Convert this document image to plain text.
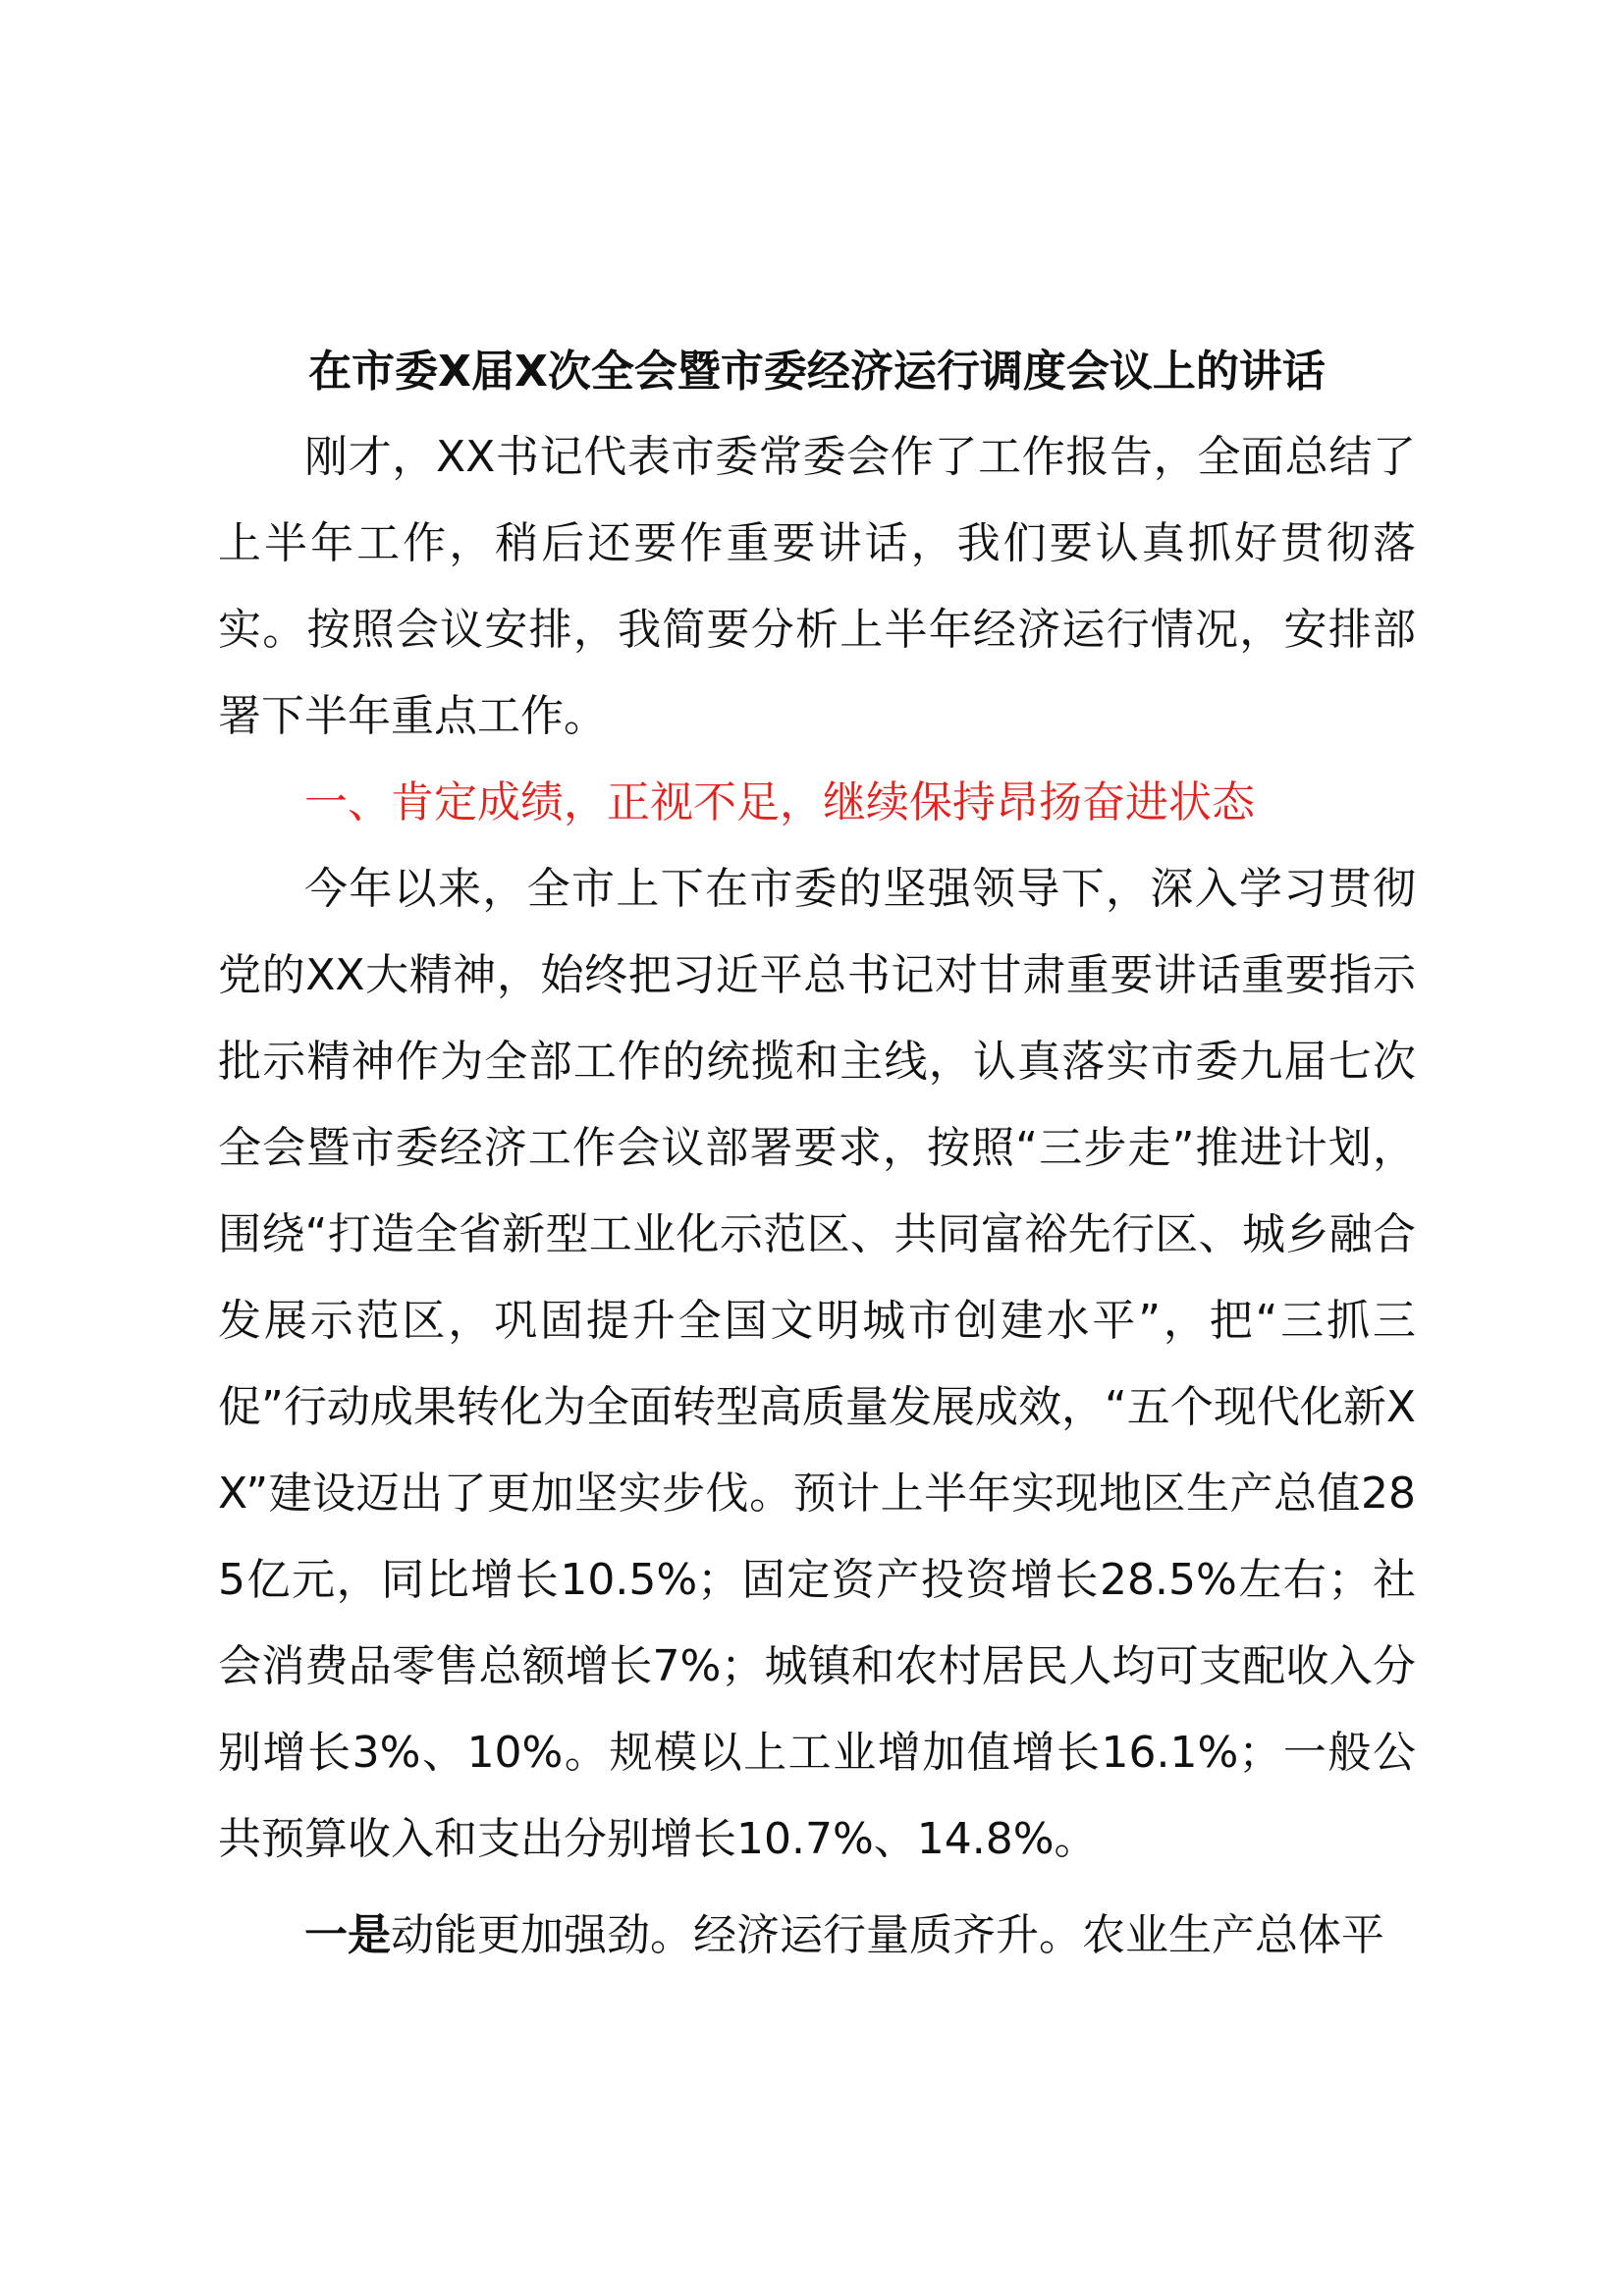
在市委X届X次全会暨市委经济运行调度会议上的讲话

刚才，XX书记代表市委常委会作了工作报告，全面总结了上半年工作，稍后还要作重要讲话，我们要认真抓好贯彻落实。按照会议安排，我简要分析上半年经济运行情况，安排部署下半年重点工作。

一、肯定成绩，正视不足，继续保持昂扬奋进状态

今年以来，全市上下在市委的坚强领导下，深入学习贯彻党的XX大精神，始终把习近平总书记对甘肃重要讲话重要指示批示精神作为全部工作的统揽和主线，认真落实市委九届七次全会暨市委经济工作会议部署要求，按照“三步走”推进计划，围绕“打造全省新型工业化示范区、共同富裕先行区、城乡融合发展示范区，巩固提升全国文明城市创建水平”，把“三抓三促”行动成果转化为全面转型高质量发展成效，“五个现代化新XX”建设迈出了更加坚实步伐。预计上半年实现地区生产总值285亿元，同比增长10.5%；固定资产投资增长28.5%左右；社会消费品零售总额增长7%；城镇和农村居民人均可支配收入分别增长3%、10%。规模以上工业增加值增长16.1%；一般公共预算收入和支出分别增长10.7%、14.8%。

一是动能更加强劲。经济运行量质齐升。农业生产总体平
